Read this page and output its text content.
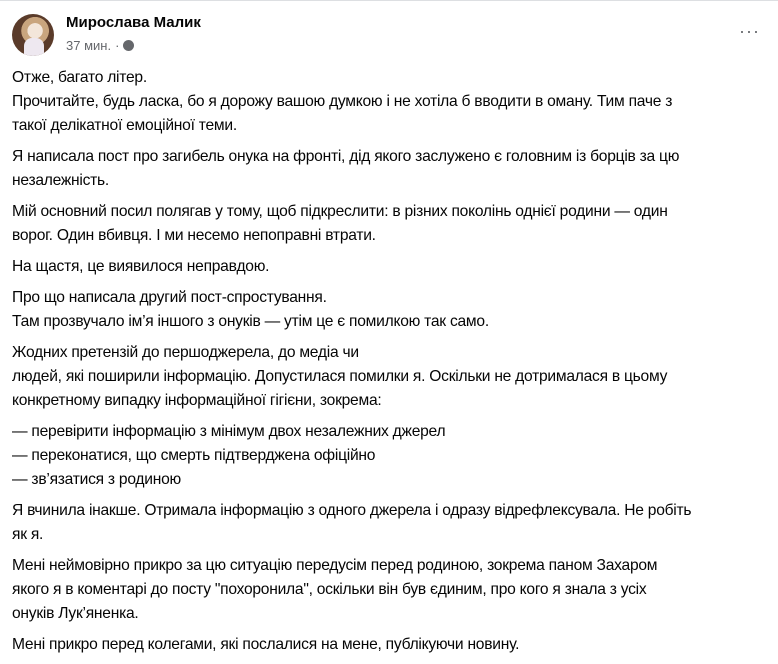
Мирослава Малик
37 мин. ·
···
Отже, багато літер.
Прочитайте, будь ласка, бо я дорожу вашою думкою і не хотіла б вводити в оману. Тим паче з
такої делікатної емоційної теми.
Я написала пост про загибель онука на фронті, дід якого заслужено є головним із борців за цю
незалежність.
Мій основний посил полягав у тому, щоб підкреслити: в різних поколінь однієї родини — один
ворог. Один вбивця. І ми несемо непоправні втрати.
На щастя, це виявилося неправдою.
Про що написала другий пост-спростування.
Там прозвучало ім’я іншого з онуків — утім це є помилкою так само.
Жодних претензій до першоджерела, до медіа чи
людей, які поширили інформацію. Допустилася помилки я. Оскільки не дотрималася в цьому
конкретному випадку інформаційної гігієни, зокрема:
— перевірити інформацію з мінімум двох незалежних джерел
— переконатися, що смерть підтверджена офіційно
— зв’язатися з родиною
Я вчинила інакше. Отримала інформацію з одного джерела і одразу відрефлексувала. Не робіть
як я.
Мені неймовірно прикро за цю ситуацію передусім перед родиною, зокрема паном Захаром
якого я в коментарі до посту "похоронила", оскільки він був єдиним, про кого я знала з усіх
онуків Лук’яненка.
Мені прикро перед колегами, які послалися на мене, публікуючи новину.
